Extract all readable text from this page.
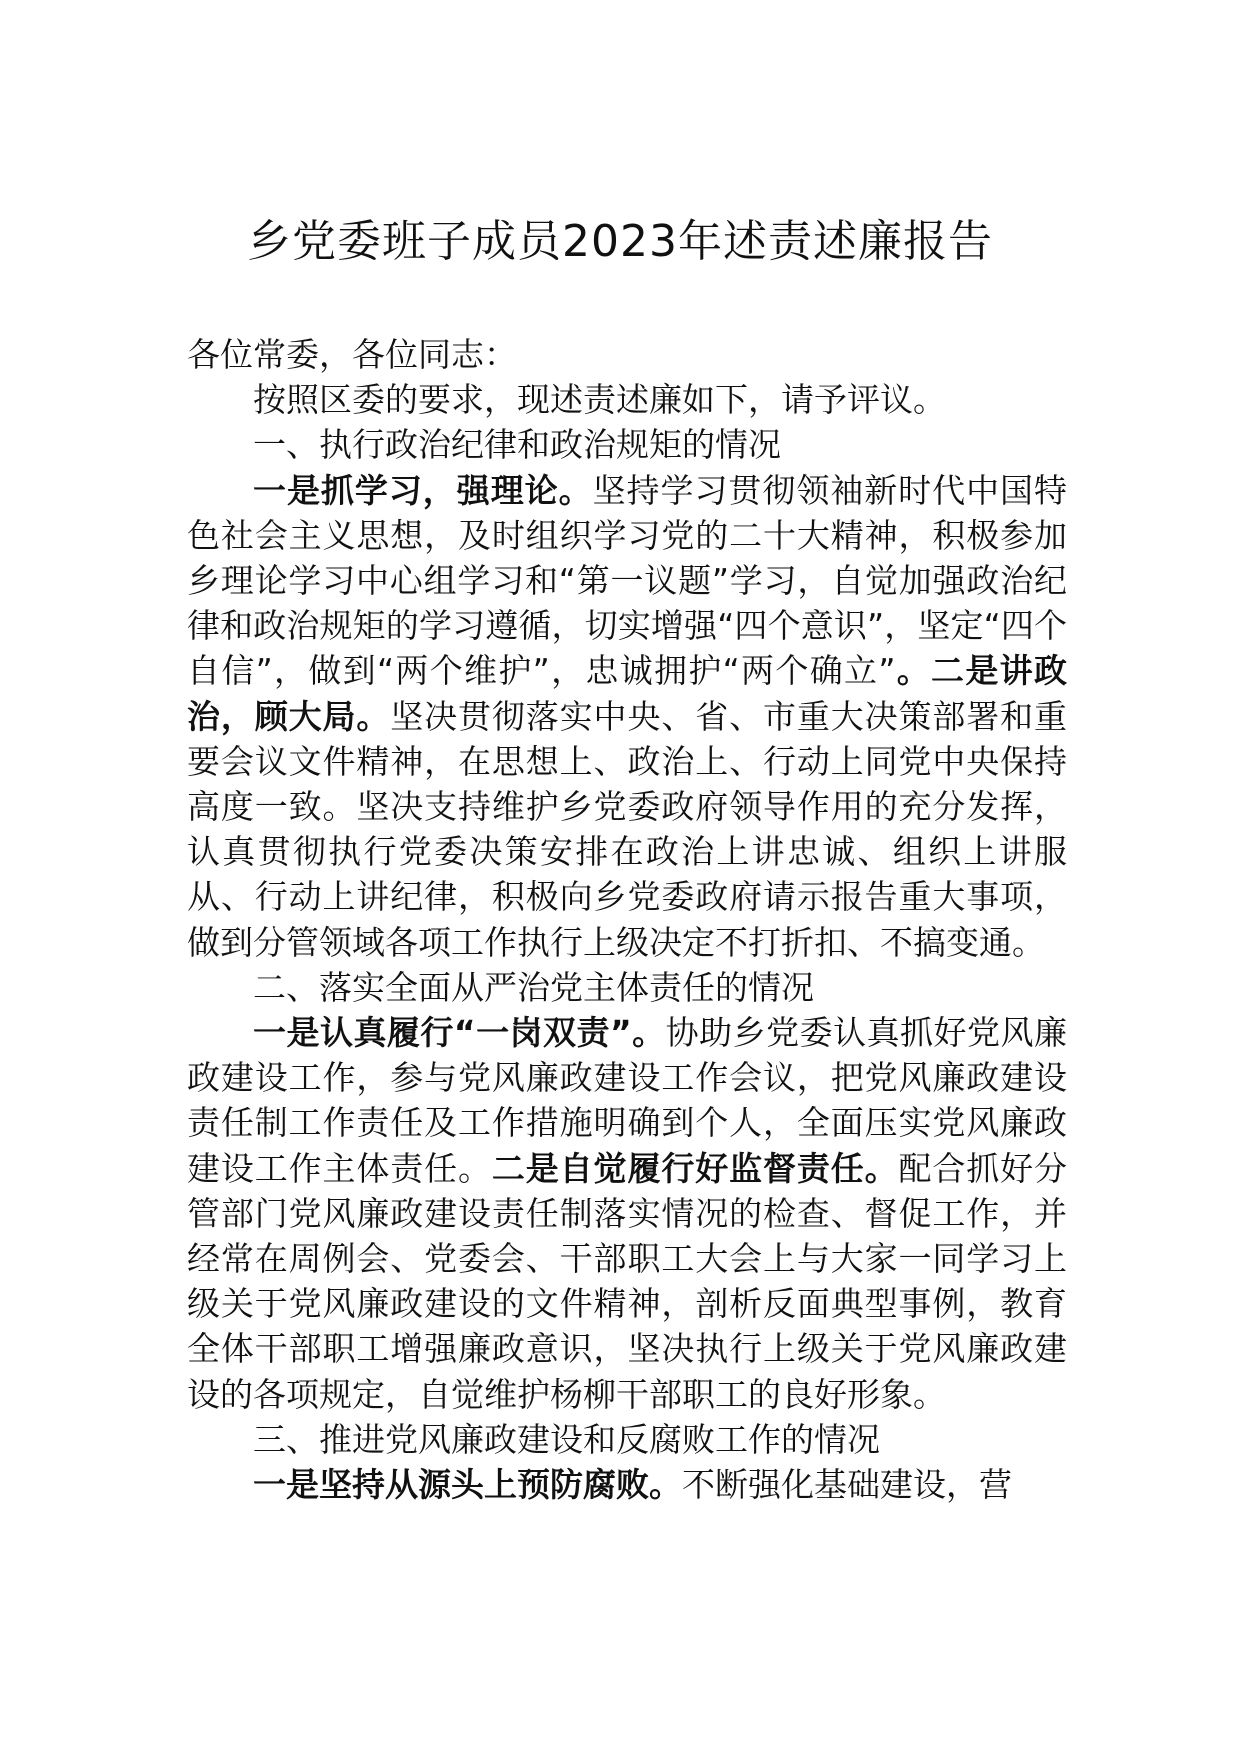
乡党委班子成员2023年述责述廉报告

各位常委，各位同志：

按照区委的要求，现述责述廉如下，请予评议。

一、执行政治纪律和政治规矩的情况

一是抓学习，强理论。坚持学习贯彻领袖新时代中国特色社会主义思想，及时组织学习党的二十大精神，积极参加乡理论学习中心组学习和“第一议题”学习，自觉加强政治纪律和政治规矩的学习遵循，切实增强“四个意识”，坚定“四个自信”，做到“两个维护”，忠诚拥护“两个确立”。二是讲政治，顾大局。坚决贯彻落实中央、省、市重大决策部署和重要会议文件精神，在思想上、政治上、行动上同党中央保持高度一致。坚决支持维护乡党委政府领导作用的充分发挥，认真贯彻执行党委决策安排在政治上讲忠诚、组织上讲服从、行动上讲纪律，积极向乡党委政府请示报告重大事项，做到分管领域各项工作执行上级决定不打折扣、不搞变通。

二、落实全面从严治党主体责任的情况

一是认真履行“一岗双责”。协助乡党委认真抓好党风廉政建设工作，参与党风廉政建设工作会议，把党风廉政建设责任制工作责任及工作措施明确到个人，全面压实党风廉政建设工作主体责任。二是自觉履行好监督责任。配合抓好分管部门党风廉政建设责任制落实情况的检查、督促工作，并经常在周例会、党委会、干部职工大会上与大家一同学习上级关于党风廉政建设的文件精神，剖析反面典型事例，教育全体干部职工增强廉政意识，坚决执行上级关于党风廉政建设的各项规定，自觉维护杨柳干部职工的良好形象。

三、推进党风廉政建设和反腐败工作的情况

一是坚持从源头上预防腐败。不断强化基础建设，营
